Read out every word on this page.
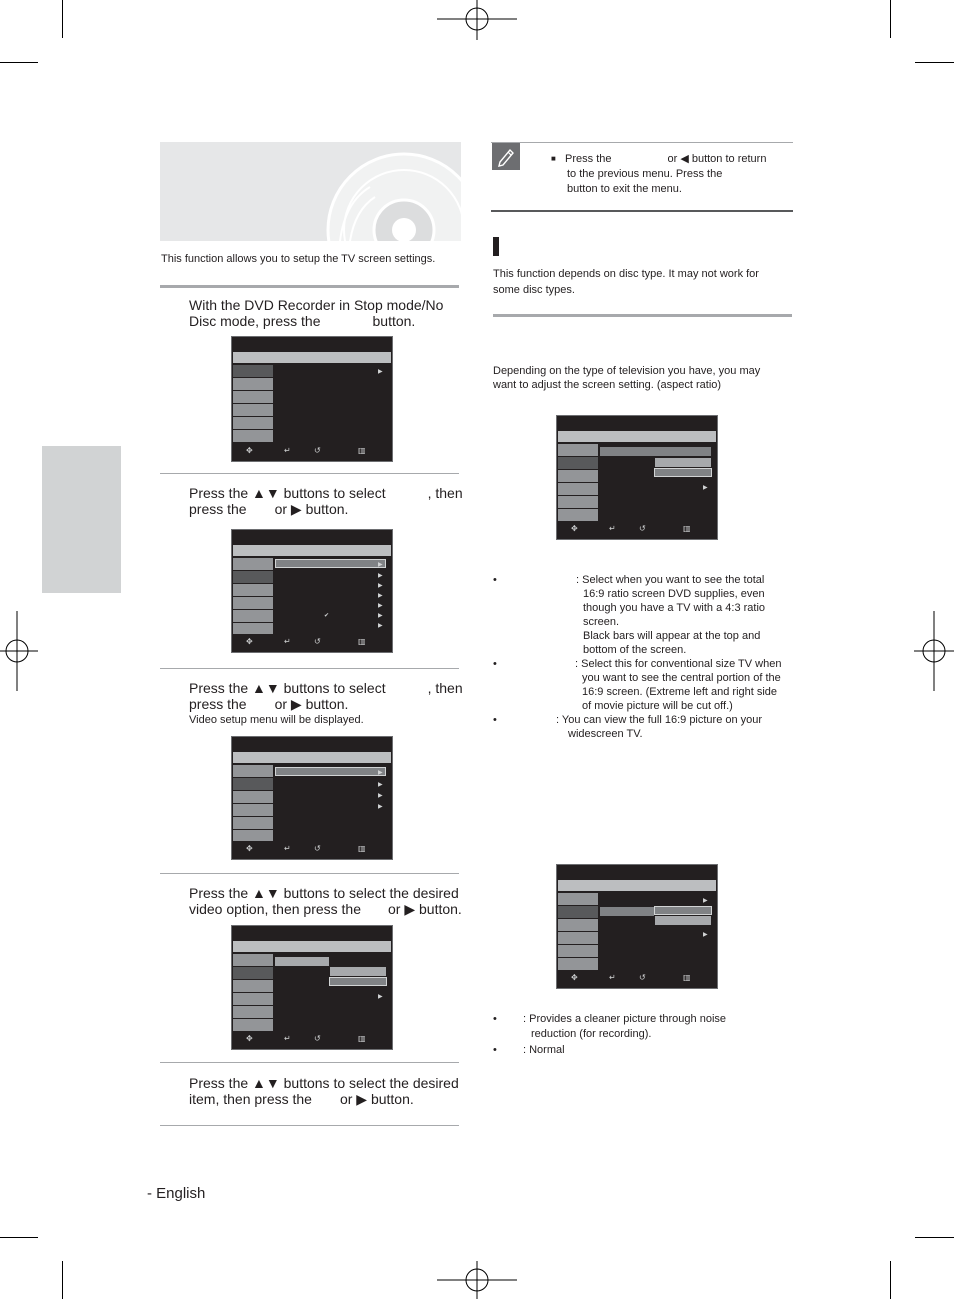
This function allows you to setup the TV screen settings.
With the DVD Recorder in Stop mode/No
Disc mode, press the	button.
▶
✥	↵	↺	▥
Press the ▲▼ buttons to select	, then
press the or ▶ button.
▶
▶
▶
▶
▶
▶
▶
✔
✥	↵	↺	▥
Press the ▲▼ buttons to select	, then
press the or ▶ button.
Video setup menu will be displayed.
▶
▶
▶
▶
✥	↵	↺	▥
Press the ▲▼ buttons to select the desired
video option, then press the or ▶ button.
▶
✥	↵	↺	▥
Press the ▲▼ buttons to select the desired
item, then press the or ▶ button.
- English
■ Press the	or ◀ button to return
to the previous menu. Press the
button to exit the menu.
This function depends on disc type. It may not work for
some disc types.
Depending on the type of television you have, you may
want to adjust the screen setting. (aspect ratio)
▶
✥	↵	↺	▥
•	: Select when you want to see the total
16:9 ratio screen DVD supplies, even
though you have a TV with a 4:3 ratio
screen.
Black bars will appear at the top and
bottom of the screen.
•	: Select this for conventional size TV when
you want to see the central portion of the
16:9 screen. (Extreme left and right side
of movie picture will be cut off.)
•	: You can view the full 16:9 picture on your
widescreen TV.
▶
▶
✥	↵	↺	▥
• : Provides a cleaner picture through noise
reduction (for recording).
• : Normal
